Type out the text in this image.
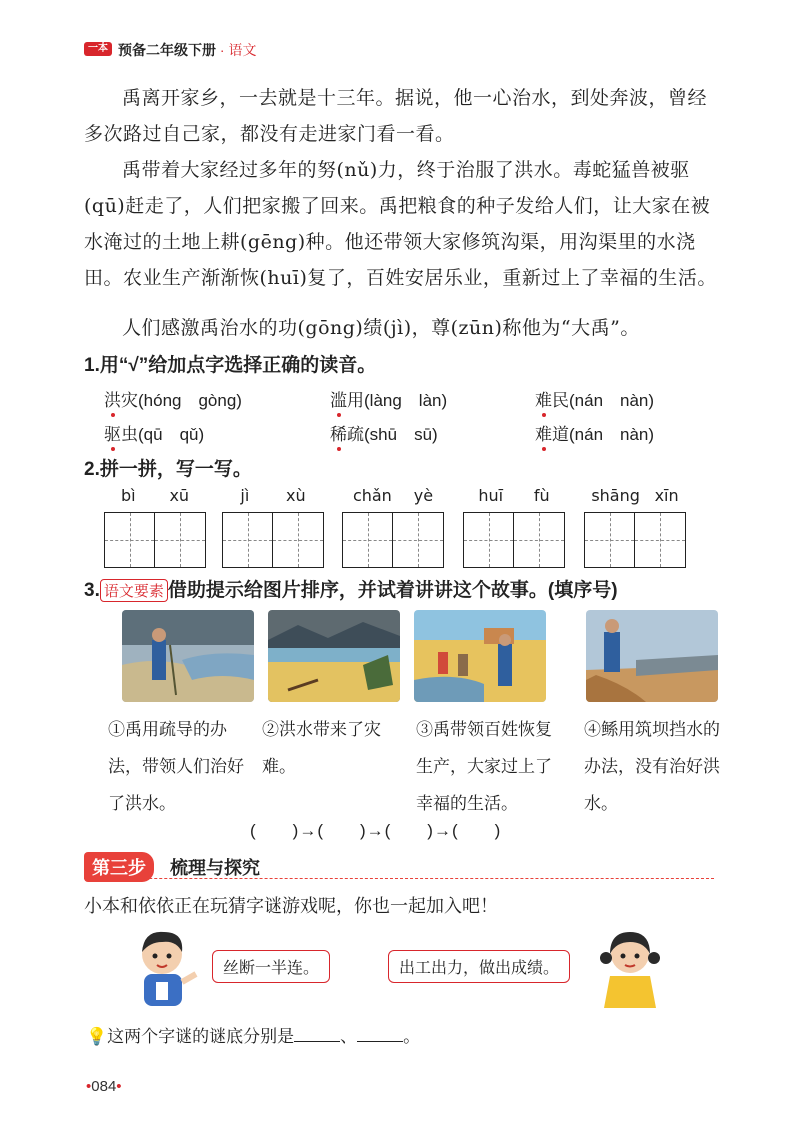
一本 预备二年级下册 · 语文
禹离开家乡，一去就是十三年。据说，他一心治水，到处奔波，曾经多次路过自己家，都没有走进家门看一看。
禹带着大家经过多年的努(nǔ)力，终于治服了洪水。毒蛇猛兽被驱(qū)赶走了，人们把家搬了回来。禹把粮食的种子发给人们，让大家在被水淹过的土地上耕(gēng)种。他还带领大家修筑沟渠，用沟渠里的水浇田。农业生产渐渐恢(huī)复了，百姓安居乐业，重新过上了幸福的生活。
人们感激禹治水的功(gōng)绩(jì)，尊(zūn)称他为“大禹”。
1.用“√”给加点字选择正确的读音。
洪灾(hóng　gòng)	滥用(làng　làn)	难民(nán　nàn)
驱虫(qū　qǔ)	稀疏(shū　sū)	难道(nán　nàn)
2.拼一拼，写一写。
bì xū	jì xù	chǎn yè	huī fù	shāng xīn
3. 语文要素 借助提示给图片排序，并试着讲讲这个故事。(填序号)
①禹用疏导的办法，带领人们治好了洪水。
②洪水带来了灾难。
③禹带领百姓恢复生产，大家过上了幸福的生活。
④鲧用筑坝挡水的办法，没有治好洪水。
(　　)→(　　)→(　　)→(　　)
第三步	梳理与探究
小本和依依正在玩猜字谜游戏呢，你也一起加入吧！
丝断一半连。	出工出力，做出成绩。
💡这两个字谜的谜底分别是	、	。
•084•
